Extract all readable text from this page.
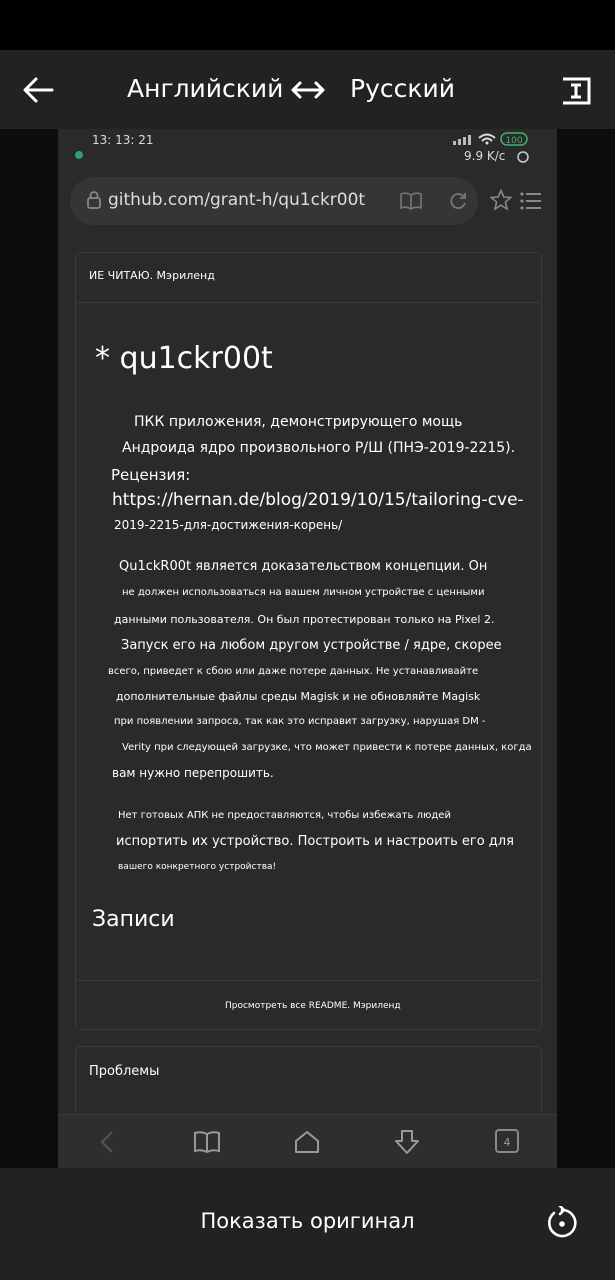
Английский	Русский
13: 13: 21	100
9.9 K/c
github.com/grant-h/qu1ckr00t
4
ИЕ ЧИТАЮ. Мэриленд
* qu1ckr00t
ПКК приложения, демонстрирующего мощь
Андроида ядро произвольного Р/Ш (ПНЭ-2019-2215).
Рецензия:
https://hernan.de/blog/2019/10/15/tailoring-cve-
2019-2215-для-достижения-корень/
Qu1ckR00t является доказательством концепции. Он
не должен использоваться на вашем личном устройстве с ценными
данными пользователя. Он был протестирован только на Pixel 2.
Запуск его на любом другом устройстве / ядре, скорее
всего, приведет к сбою или даже потере данных. Не устанавливайте
дополнительные файлы среды Magisk и не обновляйте Magisk
при появлении запроса, так как это исправит загрузку, нарушая DM -
Verity при следующей загрузке, что может привести к потере данных, когда
вам нужно перепрошить.
Нет готовых АПК не предоставляются, чтобы избежать людей
испортить их устройство. Построить и настроить его для
вашего конкретного устройства!
Записи
Просмотреть все README. Мэриленд
Проблемы
Показать оригинал
